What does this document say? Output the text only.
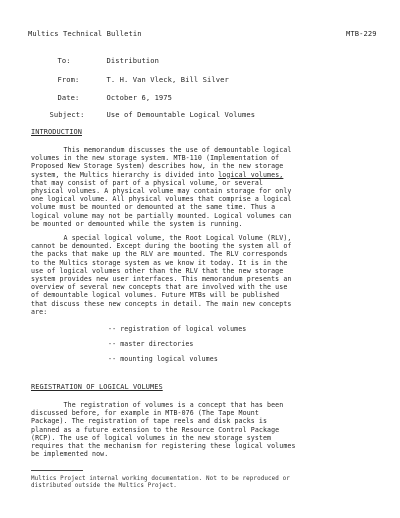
Multics Technical Bulletin	MTB-229

To:	Distribution

From:	T. H. Van Vleck, Bill Silver

Date:	October 6, 1975

Subject:	Use of Demountable Logical Volumes

INTRODUCTION
This memorandum discusses the use of demountable logical
volumes in the new storage system. MTB-110 (Implementation of
Proposed New Storage System) describes how, in the new storage
system, the Multics hierarchy is divided into logical volumes,
that may consist of part of a physical volume, or several
physical volumes. A physical volume may contain storage for only
one logical volume. All physical volumes that comprise a logical
volume must be mounted or demounted at the same time. Thus a
logical volume may not be partially mounted. Logical volumes can
be mounted or demounted while the system is running.
A special logical volume, the Root Logical Volume (RLV),
cannot be demounted. Except during the booting the system all of
the packs that make up the RLV are mounted. The RLV corresponds
to the Multics storage system as we know it today. It is in the
use of logical volumes other than the RLV that the new storage
system provides new user interfaces. This memorandum presents an
overview of several new concepts that are involved with the use
of demountable logical volumes. Future MTBs will be published
that discuss these new concepts in detail. The main new concepts
are:
-- registration of logical volumes
-- master directories
-- mounting logical volumes
REGISTRATION OF LOGICAL VOLUMES
The registration of volumes is a concept that has been
discussed before, for example in MTB-076 (The Tape Mount
Package). The registration of tape reels and disk packs is
planned as a future extension to the Resource Control Package
(RCP). The use of logical volumes in the new storage system
requires that the mechanism for registering these logical volumes
be implemented now.
Multics Project internal working documentation. Not to be reproduced or
distributed outside the Multics Project.
